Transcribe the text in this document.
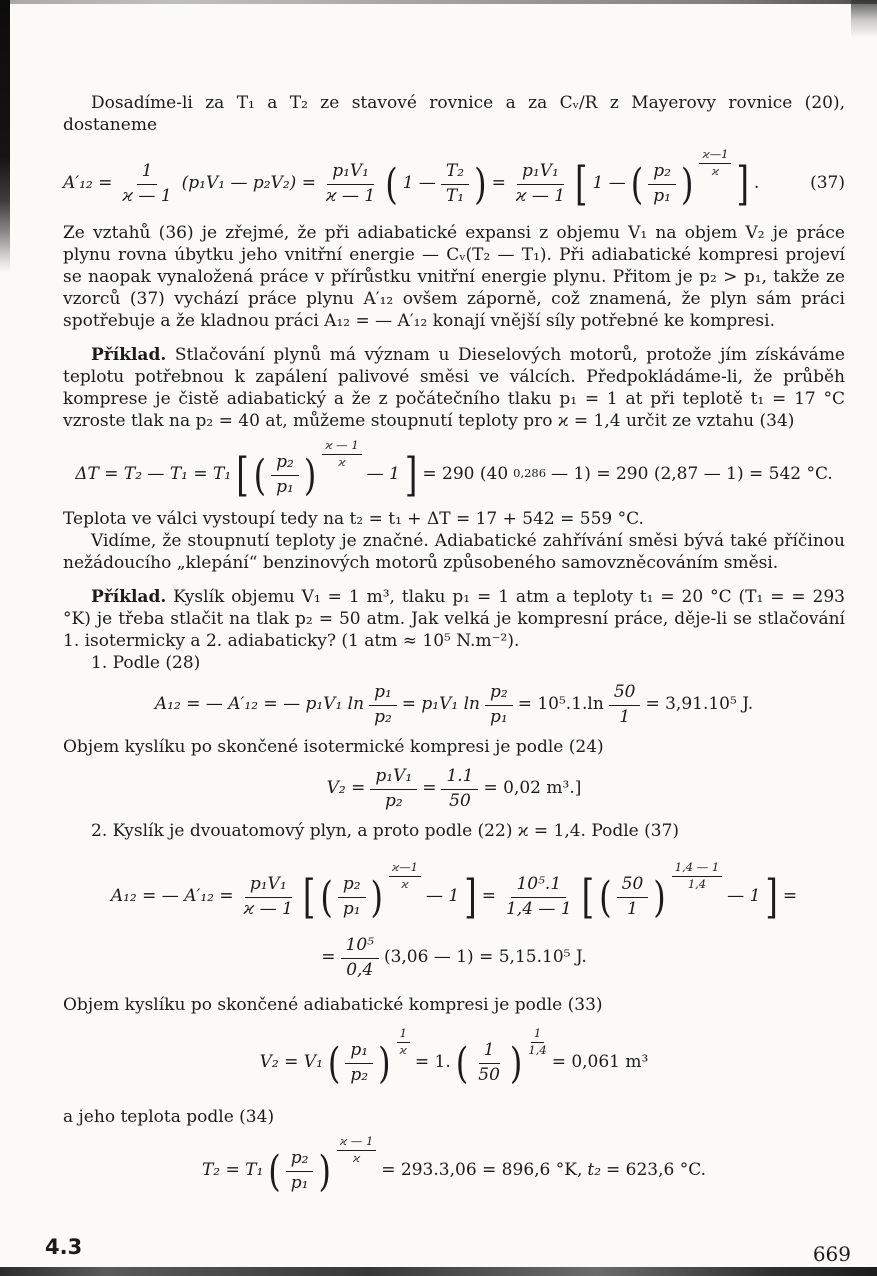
Dosadíme-li za T₁ a T₂ ze stavové rovnice a za Cᵥ/R z Mayerovy rovnice (20), dostaneme

$A'_{12} = \frac{1}{ϰ — 1} (p_1V_1$ — $p_2V_2) = \frac{\text{p₁V₁}}{ϰ — 1}$ ( 1 — $\frac{\text{T₂}}{\text{T₁}}$ ) = $\frac{\text{p₁V₁}}{ϰ — 1}$ [ 1 — ( $\frac{\text{p₂}}{\text{p₁}}$ ) $\frac{ϰ—1}{ϰ}$ ] .	(37)

Ze vztahů (36) je zřejmé, že při adiabatické expansi z objemu V₁ na objem V₂ je práce plynu rovna úbytku jeho vnitřní energie — Cᵥ(T₂ — T₁). Při adiabatické kompresi projeví se naopak vynaložená práce v přírůstku vnitřní energie plynu. Přitom je p₂ > p₁, takže ze vzorců (37) vychází práce plynu A′₁₂ ovšem záporně, což znamená, že plyn sám práci spotřebuje a že kladnou práci A₁₂ = — A′₁₂ konají vnější síly potřebné ke kompresi.

Příklad. Stlačování plynů má význam u Dieselových motorů, protože jím získáváme teplotu potřebnou k zapálení palivové směsi ve válcích. Předpokládáme-li, že průběh komprese je čistě adiabatický a že z počátečního tlaku p₁ = 1 at při teplotě t₁ = 17 °C vzroste tlak na p₂ = 40 at, můžeme stoupnutí teploty pro ϰ = 1,4 určit ze vztahu (34)

ΔT = T₂ — T₁ = T₁ [ ( $\frac{\text{p₂}}{\text{p₁}}$ ) $\frac{ϰ — 1}{ϰ}$
— 1 ] = 290 (40 $^{0,286}$ — 1) = 290 (2,87 — 1) = 542 °C.

Teplota ve válci vystoupí tedy na t₂ = t₁ + ΔT = 17 + 542 = 559 °C.

Vidíme, že stoupnutí teploty je značné. Adiabatické zahřívání směsi bývá také příčinou nežádoucího „klepání“ benzinových motorů způsobeného samovzněcováním směsi.

Příklad. Kyslík objemu V₁ = 1 m³, tlaku p₁ = 1 atm a teploty t₁ = 20 °C (T₁ = = 293 °K) je třeba stlačit na tlak p₂ = 50 atm. Jak velká je kompresní práce, děje-li se stlačování 1. isotermicky a 2. adiabaticky? (1 atm ≈ 10⁵ N.m⁻²).

1. Podle (28)

A₁₂ = — A′₁₂ = — p₁V₁ $\ln \frac{\text{p₁}}{\text{p₂}} = p_1V_1$ $\ln \frac{\text{p₂}}{\text{p₁}} = 10^5.1.\ln \frac{50}{1} = 3,91.10^5$ J.

Objem kyslíku po skončené isotermické kompresi je podle (24)

$V_2 = \frac{\text{p₁V₁}}{\text{p₂}} = \frac{1.1}{50} = 0,02$ m³.]

2. Kyslík je dvouatomový plyn, a proto podle (22) ϰ = 1,4. Podle (37)

A₁₂ = — $A'_{12} = \frac{\text{p₁V₁}}{ϰ — 1}$ [ ( $\frac{\text{p₂}}{\text{p₁}}$ ) $\frac{ϰ—1}{ϰ}$
— 1 ] = $\frac{\text{10⁵.1}}{1,4 — 1}$ [ ( $\frac{50}{1}$ ) $\frac{1,4 — 1}{1,4}$
— 1 ] =
= $\frac{\text{10⁵}}{0,4} (3,06$ — 1) = 5,15.10⁵ J.

Objem kyslíku po skončené adiabatické kompresi je podle (33)

V₂ = V₁ ( $\frac{\text{p₁}}{\text{p₂}}$ ) $\frac{1}{ϰ}$
= 1. ( $\frac{1}{50}$ ) $\frac{1}{1,4}$
= 0,061 m³

a jeho teplota podle (34)

T₂ = T₁ ( $\frac{\text{p₂}}{\text{p₁}}$ ) $\frac{ϰ — 1}{ϰ}$
= 293.3,06 = 896,6 °K, t₂ = 623,6 °C.
4.3	669
